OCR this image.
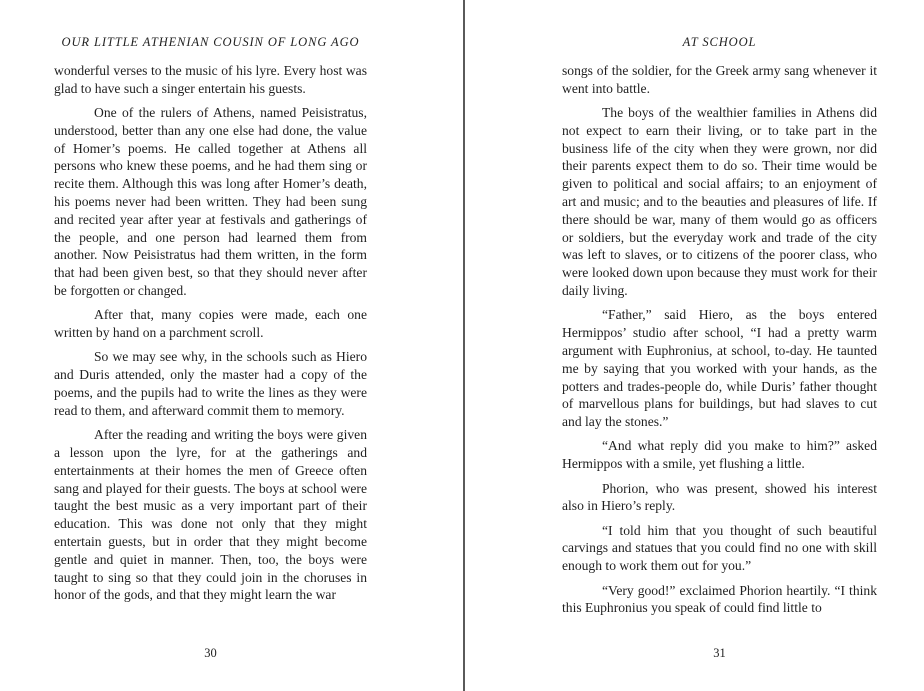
OUR LITTLE ATHENIAN COUSIN OF LONG AGO

wonderful verses to the music of his lyre. Every host was glad to have such a singer entertain his guests.

One of the rulers of Athens, named Peisistratus, understood, better than any one else had done, the value of Homer’s poems. He called together at Athens all persons who knew these poems, and he had them sing or recite them. Although this was long after Homer’s death, his poems never had been written. They had been sung and recited year after year at festivals and gatherings of the people, and one person had learned them from another. Now Peisistratus had them written, in the form that had been given best, so that they should never after be forgotten or changed.

After that, many copies were made, each one written by hand on a parchment scroll.

So we may see why, in the schools such as Hiero and Duris attended, only the master had a copy of the poems, and the pupils had to write the lines as they were read to them, and afterward commit them to memory.

After the reading and writing the boys were given a lesson upon the lyre, for at the gatherings and entertainments at their homes the men of Greece often sang and played for their guests. The boys at school were taught the best music as a very important part of their education. This was done not only that they might entertain guests, but in order that they might become gentle and quiet in manner. Then, too, the boys were taught to sing so that they could join in the choruses in honor of the gods, and that they might learn the war

30
AT SCHOOL

songs of the soldier, for the Greek army sang whenever it went into battle.

The boys of the wealthier families in Athens did not expect to earn their living, or to take part in the business life of the city when they were grown, nor did their parents expect them to do so. Their time would be given to political and social affairs; to an enjoyment of art and music; and to the beauties and pleasures of life. If there should be war, many of them would go as officers or soldiers, but the everyday work and trade of the city was left to slaves, or to citizens of the poorer class, who were looked down upon because they must work for their daily living.

“Father,” said Hiero, as the boys entered Hermippos’ studio after school, “I had a pretty warm argument with Euphronius, at school, to-day. He taunted me by saying that you worked with your hands, as the potters and trades-people do, while Duris’ father thought of marvellous plans for buildings, but had slaves to cut and lay the stones.”

“And what reply did you make to him?” asked Hermippos with a smile, yet flushing a little.

Phorion, who was present, showed his interest also in Hiero’s reply.

“I told him that you thought of such beautiful carvings and statues that you could find no one with skill enough to work them out for you.”

“Very good!” exclaimed Phorion heartily. “I think this Euphronius you speak of could find little to

31
